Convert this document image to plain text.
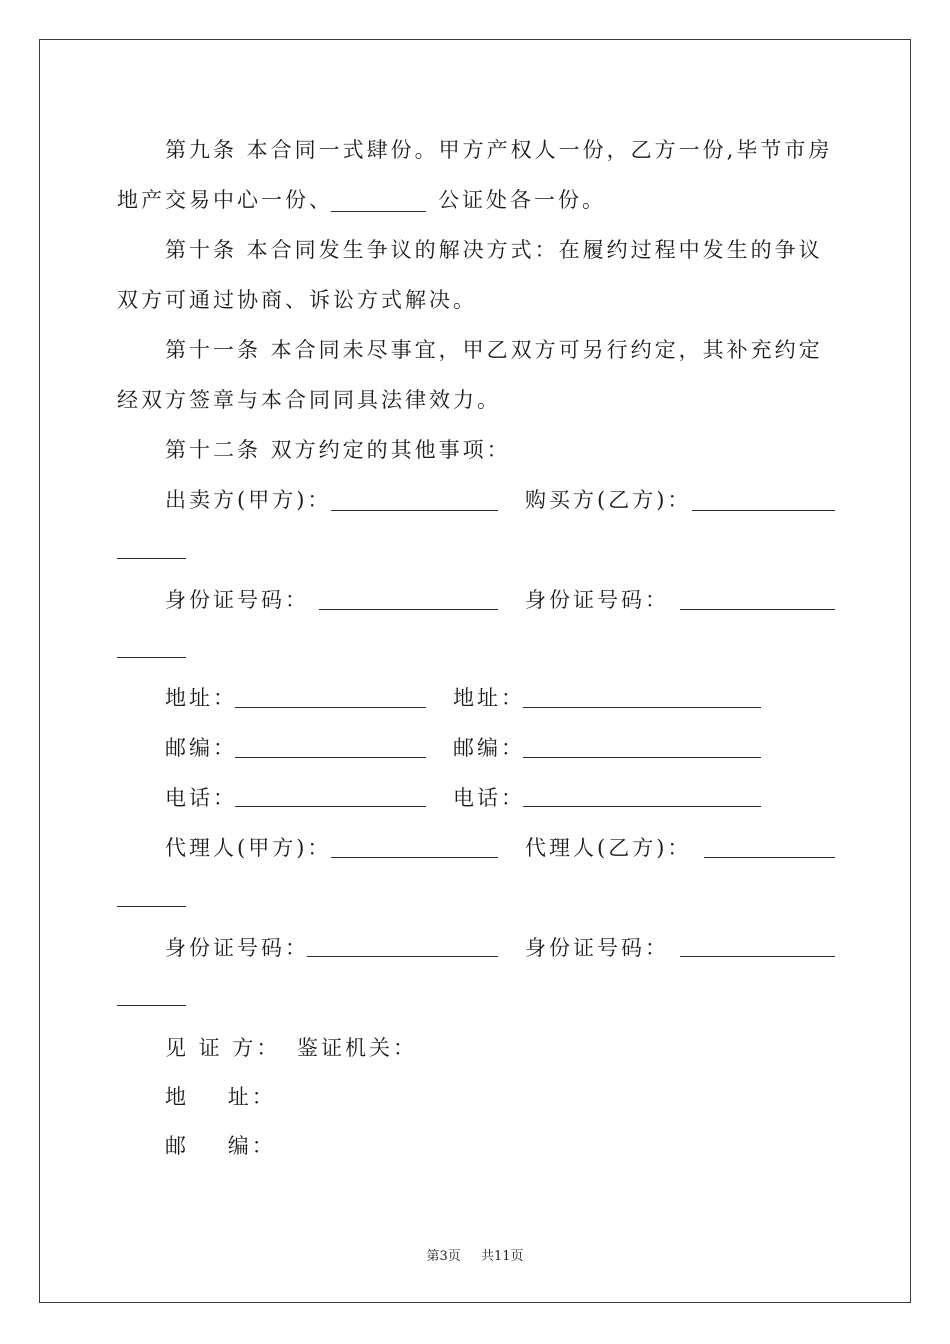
第九条 本合同一式肆份。甲方产权人一份，乙方一份,毕节市房
地产交易中心一份、	公证处各一份。
第十条 本合同发生争议的解决方式：在履约过程中发生的争议
双方可通过协商、诉讼方式解决。
第十一条 本合同未尽事宜，甲乙双方可另行约定，其补充约定
经双方签章与本合同同具法律效力。
第十二条 双方约定的其他事项：
出卖方(甲方)：	购买方(乙方)：
身份证号码：	身份证号码：
地址：	地址：
邮编：	邮编：
电话：	电话：
代理人(甲方)：	代理人(乙方)：
身份证号码：	身份证号码：
见 证 方： 鉴证机关：
地    址：
邮    编：
第3页 共11页
